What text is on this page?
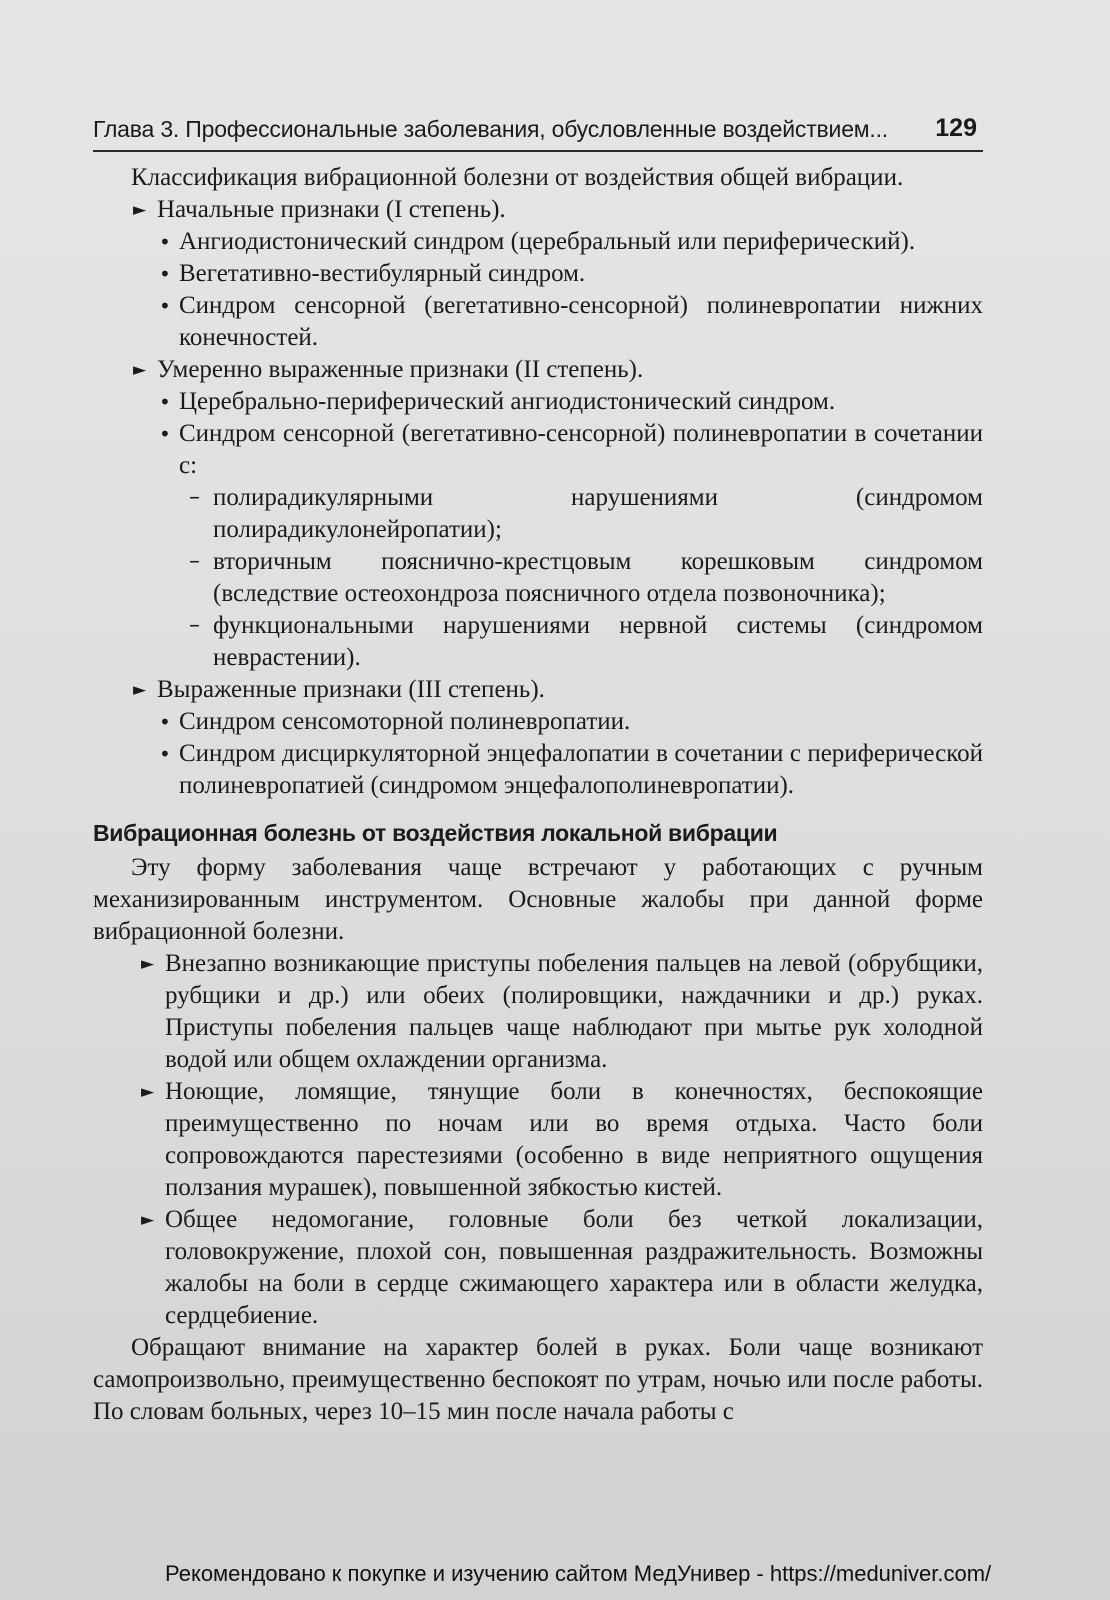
Глава 3. Профессиональные заболевания, обусловленные воздействием... 129

Классификация вибрационной болезни от воздействия общей вибрации.

► Начальные признаки (I степень).
• Ангиодистонический синдром (церебральный или периферический).
• Вегетативно-вестибулярный синдром.
• Синдром сенсорной (вегетативно-сенсорной) полиневропатии нижних конечностей.
► Умеренно выраженные признаки (II степень).
• Церебрально-периферический ангиодистонический синдром.
• Синдром сенсорной (вегетативно-сенсорной) полиневропатии в сочетании с:
– полирадикулярными нарушениями (синдромом полирадикулонейропатии);
– вторичным пояснично-крестцовым корешковым синдромом (вследствие остеохондроза поясничного отдела позвоночника);
– функциональными нарушениями нервной системы (синдромом неврастении).
► Выраженные признаки (III степень).
• Синдром сенсомоторной полиневропатии.
• Синдром дисциркуляторной энцефалопатии в сочетании с периферической полиневропатией (синдромом энцефалополиневропатии).
Вибрационная болезнь от воздействия локальной вибрации

Эту форму заболевания чаще встречают у работающих с ручным механизированным инструментом. Основные жалобы при данной форме вибрационной болезни.

► Внезапно возникающие приступы побеления пальцев на левой (обрубщики, рубщики и др.) или обеих (полировщики, наждачники и др.) руках. Приступы побеления пальцев чаще наблюдают при мытье рук холодной водой или общем охлаждении организма.
► Ноющие, ломящие, тянущие боли в конечностях, беспокоящие преимущественно по ночам или во время отдыха. Часто боли сопровождаются парестезиями (особенно в виде неприятного ощущения ползания мурашек), повышенной зябкостью кистей.
► Общее недомогание, головные боли без четкой локализации, головокружение, плохой сон, повышенная раздражительность. Возможны жалобы на боли в сердце сжимающего характера или в области желудка, сердцебиение.

Обращают внимание на характер болей в руках. Боли чаще возникают самопроизвольно, преимущественно беспокоят по утрам, ночью или после работы. По словам больных, через 10–15 мин после начала работы с

Рекомендовано к покупке и изучению сайтом МедУнивер - https://meduniver.com/
